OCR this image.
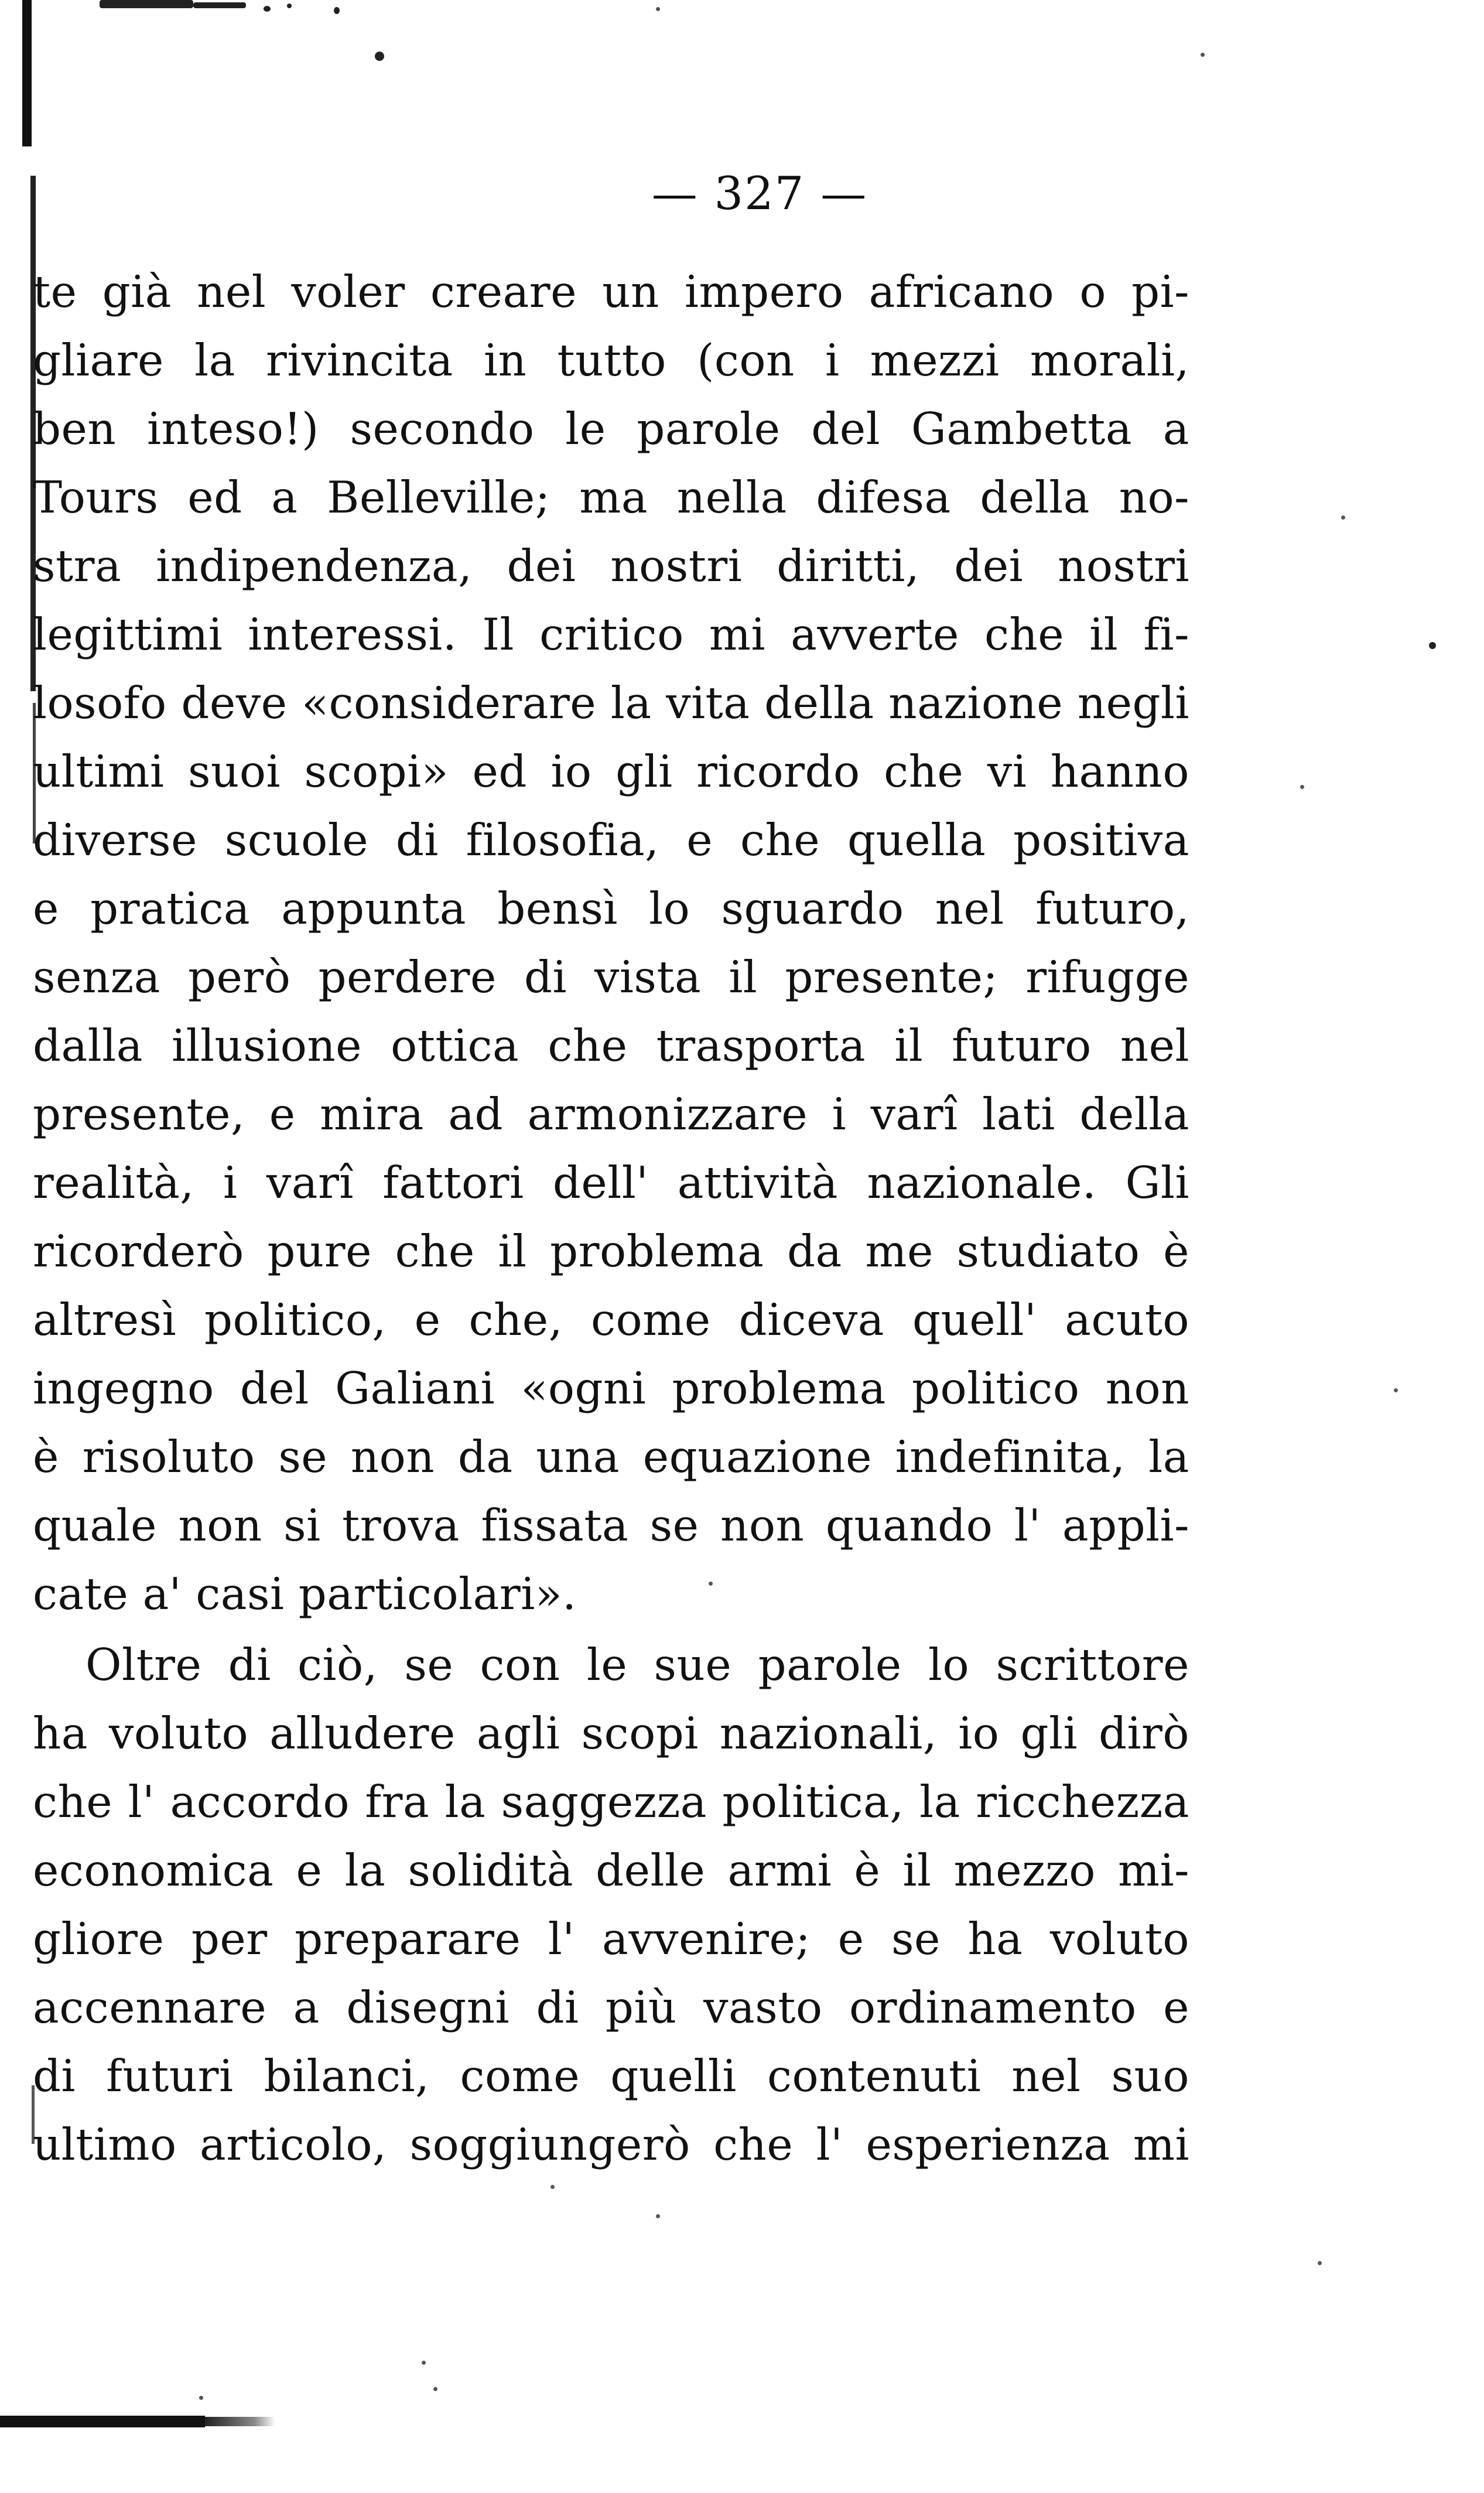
— 327 —
te già nel voler creare un impero africano o pi-
gliare la rivincita in tutto (con i mezzi morali,
ben inteso!) secondo le parole del Gambetta a
Tours ed a Belleville; ma nella difesa della no-
stra indipendenza, dei nostri diritti, dei nostri
legittimi interessi. Il critico mi avverte che il fi-
losofo deve «considerare la vita della nazione negli
ultimi suoi scopi» ed io gli ricordo che vi hanno
diverse scuole di filosofia, e che quella positiva
e pratica appunta bensì lo sguardo nel futuro,
senza però perdere di vista il presente; rifugge
dalla illusione ottica che trasporta il futuro nel
presente, e mira ad armonizzare i varî lati della
realità, i varî fattori dell' attività nazionale. Gli
ricorderò pure che il problema da me studiato è
altresì politico, e che, come diceva quell' acuto
ingegno del Galiani «ogni problema politico non
è risoluto se non da una equazione indefinita, la
quale non si trova fissata se non quando l' appli-
cate a' casi particolari».
Oltre di ciò, se con le sue parole lo scrittore
ha voluto alludere agli scopi nazionali, io gli dirò
che l' accordo fra la saggezza politica, la ricchezza
economica e la solidità delle armi è il mezzo mi-
gliore per preparare l' avvenire; e se ha voluto
accennare a disegni di più vasto ordinamento e
di futuri bilanci, come quelli contenuti nel suo
ultimo articolo, soggiungerò che l' esperienza mi
